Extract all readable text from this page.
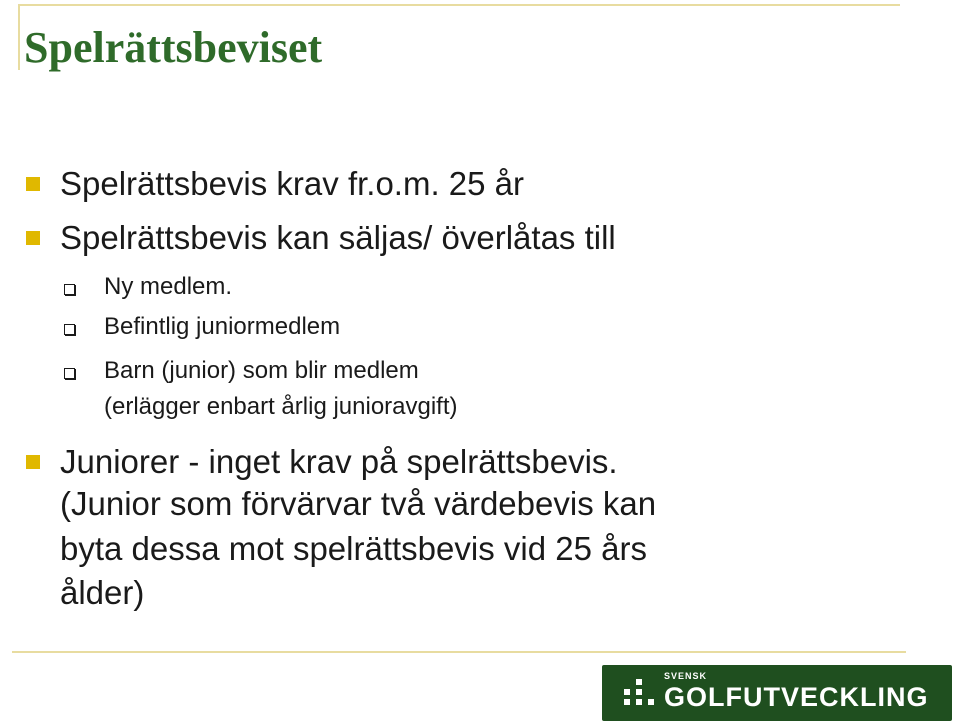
Spelrättsbeviset
Spelrättsbevis krav fr.o.m. 25 år
Spelrättsbevis kan säljas/ överlåtas till
Ny medlem.
Befintlig juniormedlem
Barn (junior) som blir medlem
(erlägger enbart årlig junioravgift)
Juniorer - inget krav på spelrättsbevis.
(Junior som förvärvar två värdebevis kan
byta dessa mot spelrättsbevis vid 25 års
ålder)
SVENSK
GOLFUTVECKLING
